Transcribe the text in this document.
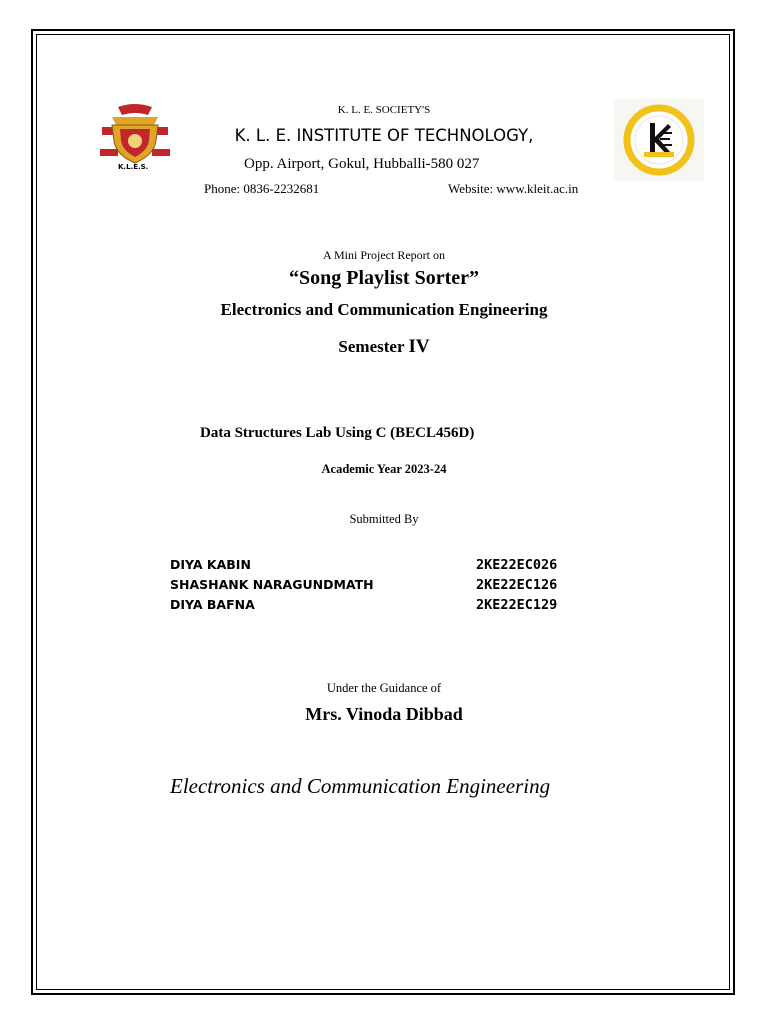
K.L.E.S.
K. L. E. SOCIETY'S
K. L. E. INSTITUTE OF TECHNOLOGY,
Opp. Airport, Gokul, Hubballi-580 027
Phone: 0836-2232681	Website: www.kleit.ac.in
A Mini Project Report on
“Song Playlist Sorter”
Electronics and Communication Engineering
Semester IV
Data Structures Lab Using C (BECL456D)
Academic Year 2023-24
Submitted By
DIYA KABIN	2KE22EC026
SHASHANK NARAGUNDMATH	2KE22EC126
DIYA BAFNA	2KE22EC129
Under the Guidance of
Mrs. Vinoda Dibbad
Electronics and Communication Engineering
